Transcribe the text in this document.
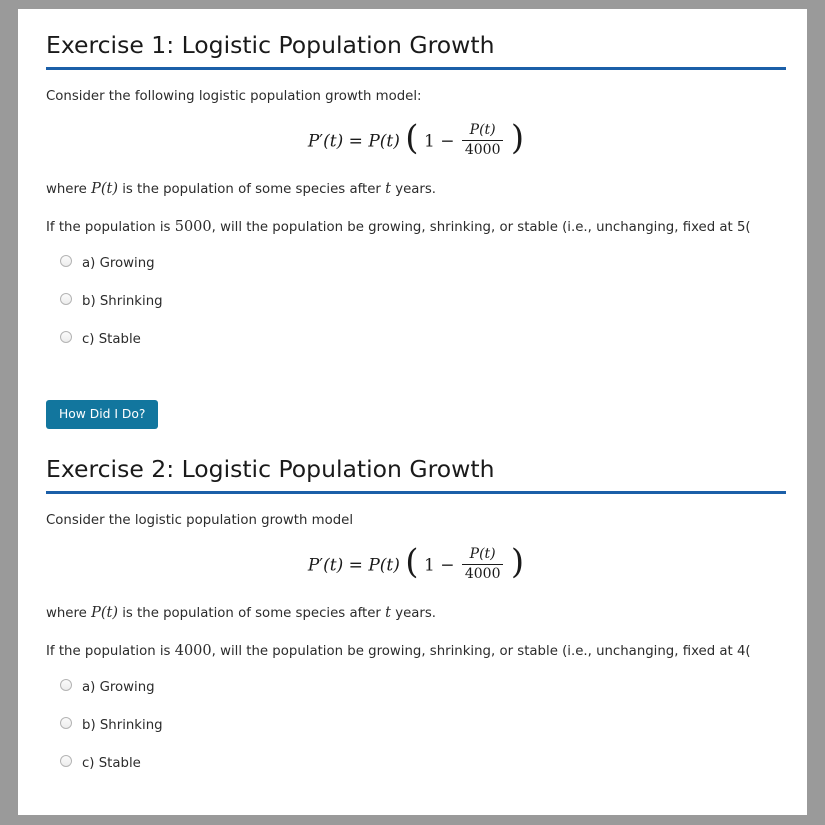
Exercise 1: Logistic Population Growth

Consider the following logistic population growth model:

P′(t) = P(t) ( $1 - \frac{P(t)}{4000}$ )

where P(t) is the population of some species after t years.

If the population is 5000, will the population be growing, shrinking, or stable (i.e., unchanging, fixed at 5(

a) Growing
b) Shrinking
c) Stable
How Did I Do?
Exercise 2: Logistic Population Growth

Consider the logistic population growth model

P′(t) = P(t) ( $1 - \frac{P(t)}{4000}$ )

where P(t) is the population of some species after t years.

If the population is 4000, will the population be growing, shrinking, or stable (i.e., unchanging, fixed at 4(

a) Growing
b) Shrinking
c) Stable
